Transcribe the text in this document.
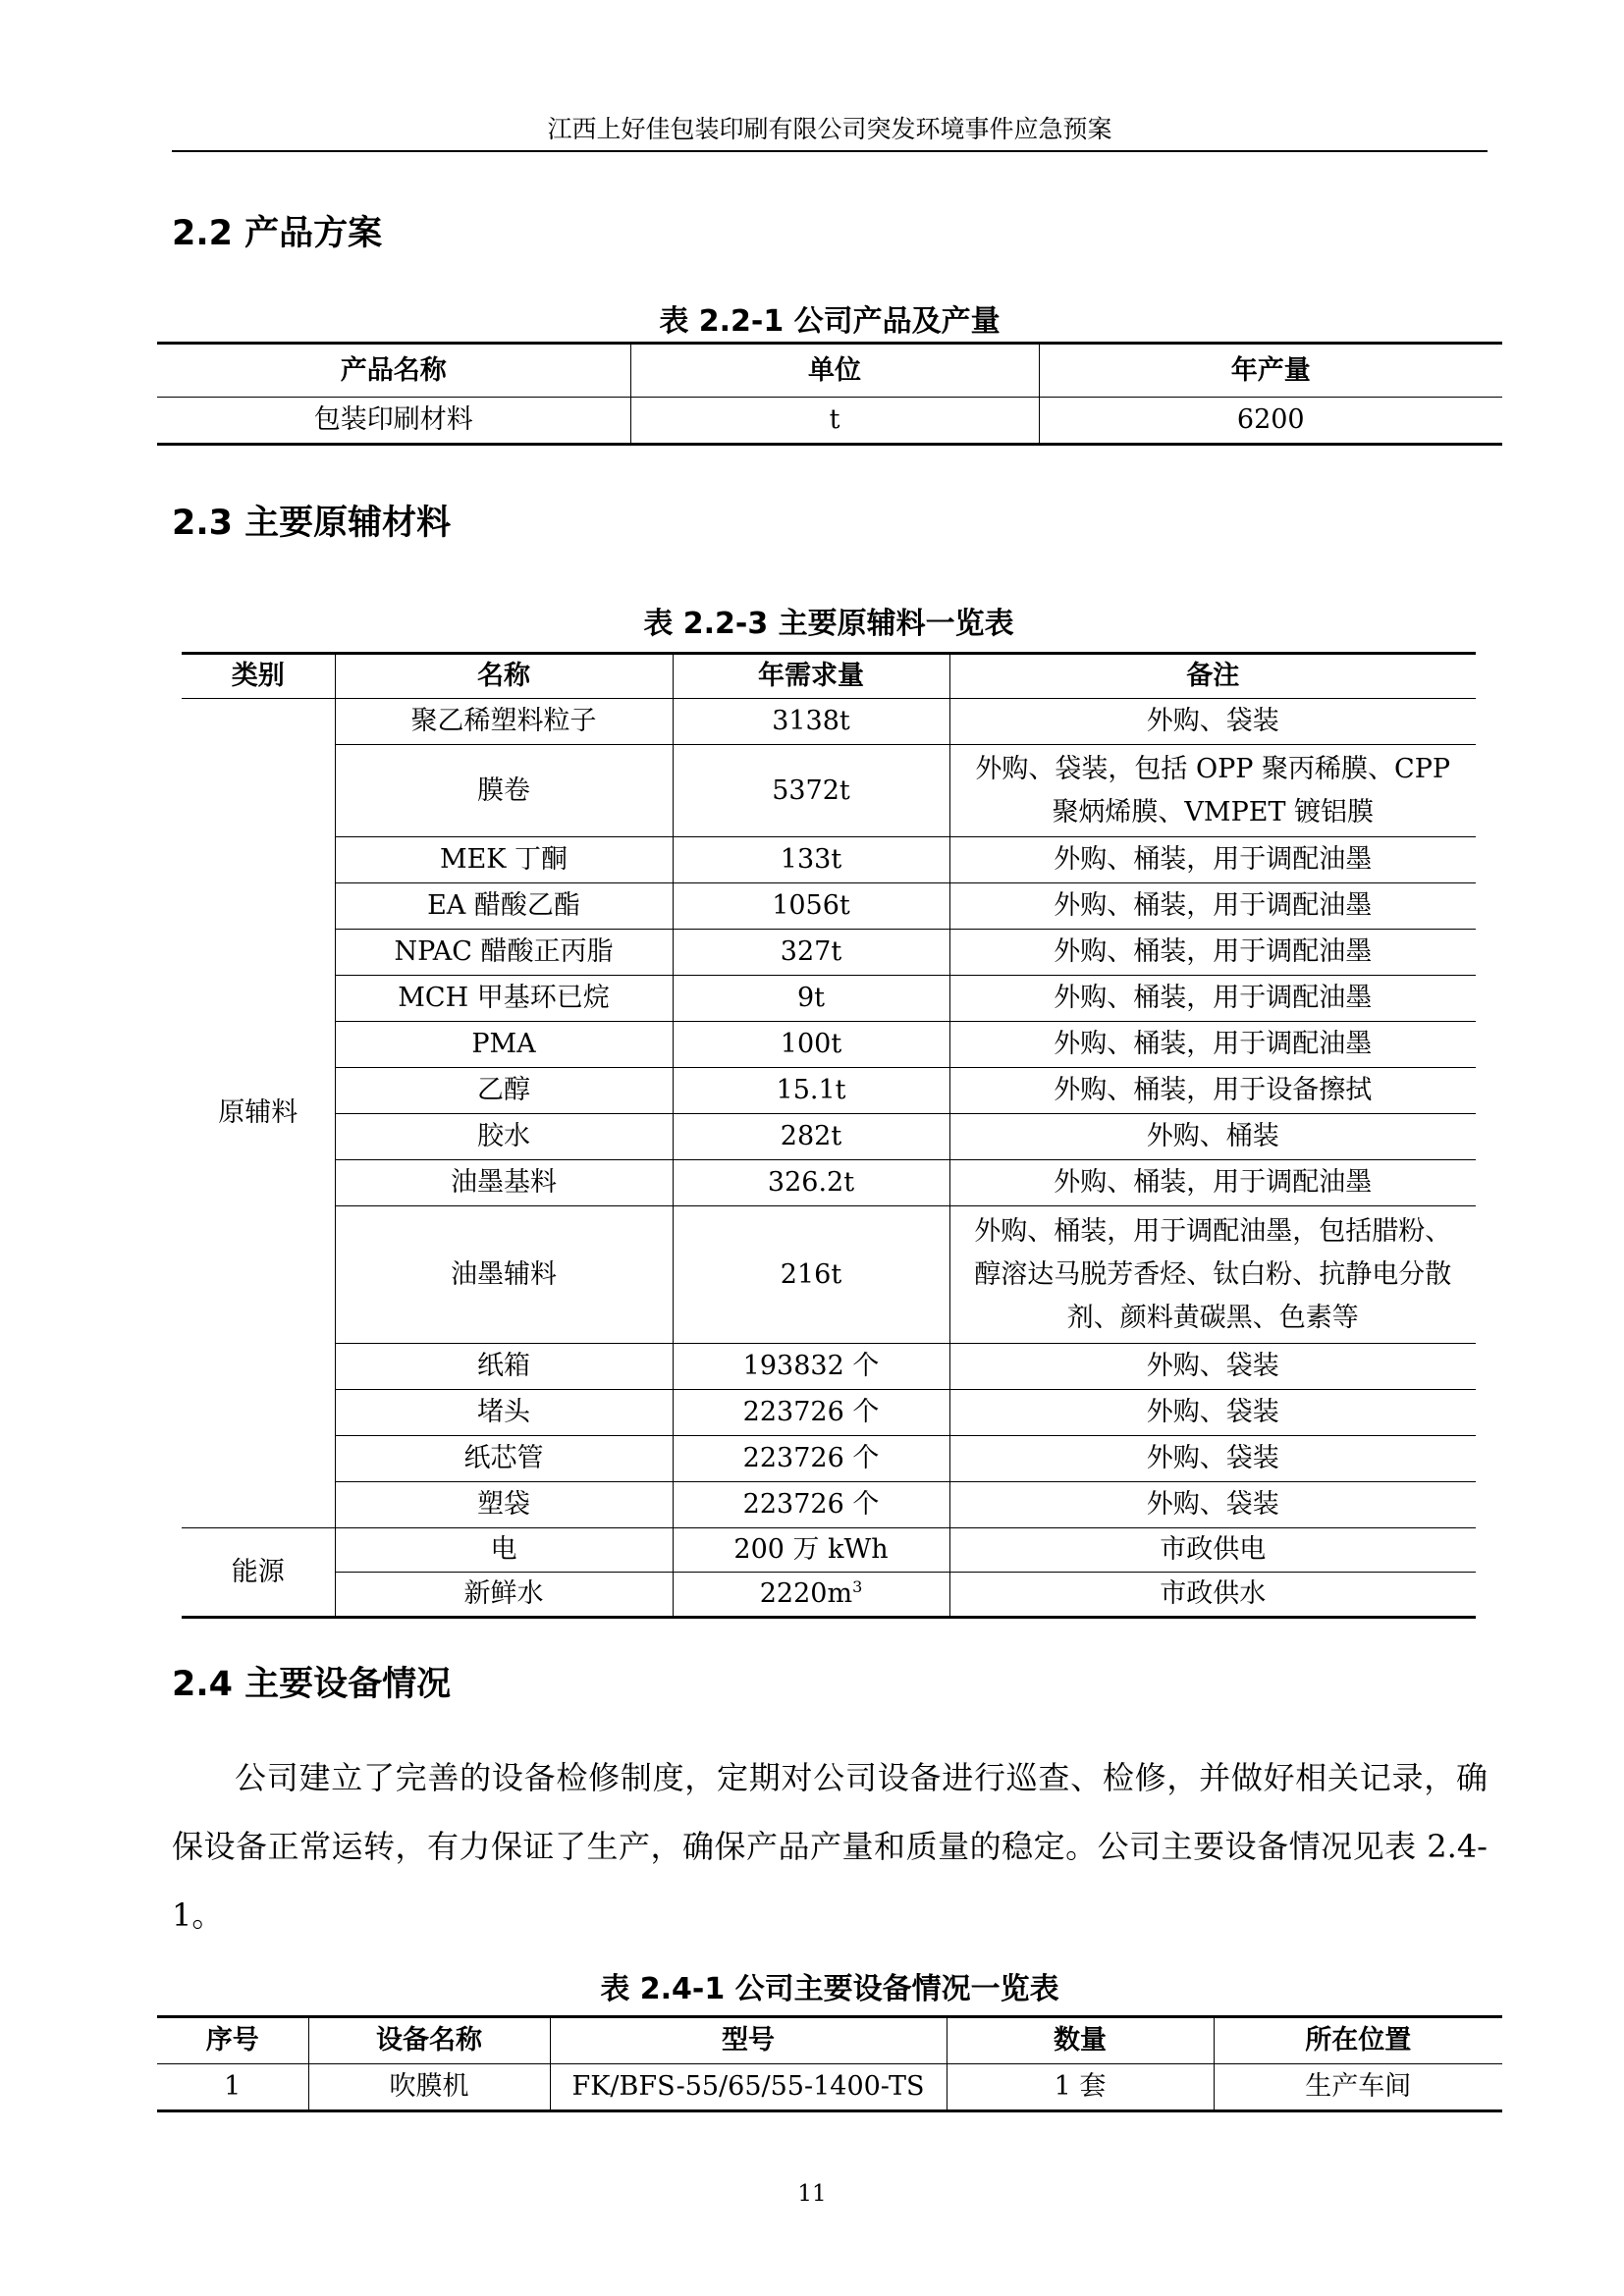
江西上好佳包装印刷有限公司突发环境事件应急预案
2.2 产品方案
表 2.2-1 公司产品及产量
产品名称	单位	年产量
包装印刷材料	t	6200
2.3 主要原辅材料
表 2.2-3 主要原辅料一览表
类别	名称	年需求量	备注
原辅料	聚乙稀塑料粒子	3138t	外购、袋装
	膜卷	5372t	外购、袋装，包括 OPP 聚丙稀膜、CPP 聚炳烯膜、VMPET 镀铝膜
	MEK 丁酮	133t	外购、桶装，用于调配油墨
	EA 醋酸乙酯	1056t	外购、桶装，用于调配油墨
	NPAC 醋酸正丙脂	327t	外购、桶装，用于调配油墨
	MCH 甲基环已烷	9t	外购、桶装，用于调配油墨
	PMA	100t	外购、桶装，用于调配油墨
	乙醇	15.1t	外购、桶装，用于设备擦拭
	胶水	282t	外购、桶装
	油墨基料	326.2t	外购、桶装，用于调配油墨
	油墨辅料	216t	外购、桶装，用于调配油墨，包括腊粉、醇溶达马脱芳香烃、钛白粉、抗静电分散剂、颜料黄碳黑、色素等
	纸箱	193832 个	外购、袋装
	堵头	223726 个	外购、袋装
	纸芯管	223726 个	外购、袋装
	塑袋	223726 个	外购、袋装
能源	电	200 万 kWh	市政供电
	新鲜水	$2220m^3$	市政供水
2.4 主要设备情况
公司建立了完善的设备检修制度，定期对公司设备进行巡查、检修，并做好相关记录，确保设备正常运转，有力保证了生产，确保产品产量和质量的稳定。公司主要设备情况见表 2.4-1。
表 2.4-1 公司主要设备情况一览表
序号	设备名称	型号	数量	所在位置
1	吹膜机	FK/BFS-55/65/55-1400-TS	1 套	生产车间
11
